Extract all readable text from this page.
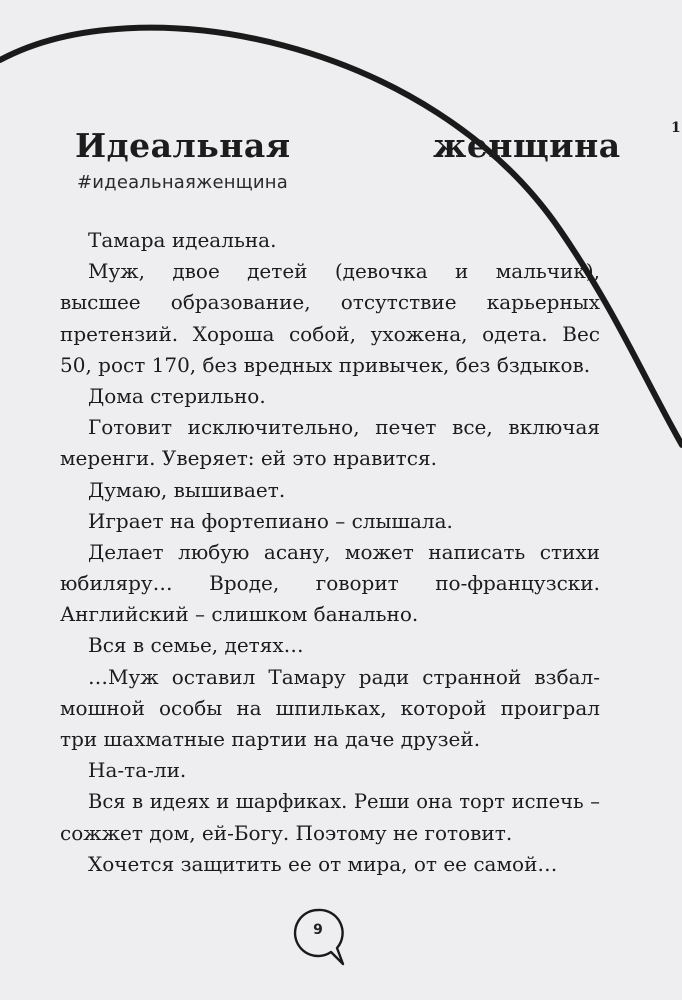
Идеальная	женщина	1
#идеальнаяженщина
Тамара идеальна.
Муж, двое детей (девочка и мальчик),
высшее образование, отсутствие карьерных
претензий. Хороша собой, ухожена, одета. Вес
50, рост 170, без вредных привычек, без бздыков.
Дома стерильно.
Готовит исключительно, печет все, включая
меренги. Уверяет: ей это нравится.
Думаю, вышивает.
Играет на фортепиано – слышала.
Делает любую асану, может написать стихи
юбиляру… Вроде, говорит по-французски.
Английский – слишком банально.
Вся в семье, детях…
…Муж оставил Тамару ради странной взбал-
мошной особы на шпильках, которой проиграл
три шахматные партии на даче друзей.
На-та-ли.
Вся в идеях и шарфиках. Реши она торт испечь –
сожжет дом, ей-Богу. Поэтому не готовит.
Хочется защитить ее от мира, от ее самой…
9
